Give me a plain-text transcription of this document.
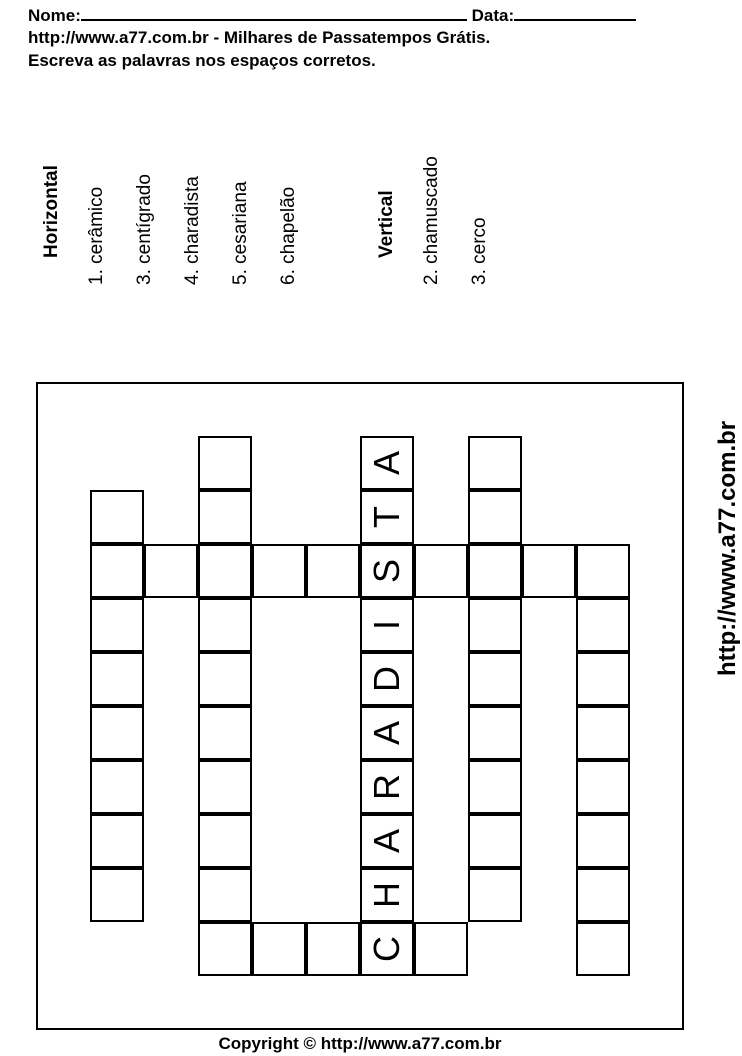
Nome:	Data:
http://www.a77.com.br - Milhares de Passatempos Grátis.
Escreva as palavras nos espaços corretos.
Horizontal 1. cerâmico 3. centígrado 4. charadista 5. cesariana 6. chapelão	Vertical 2. chamuscado 3. cerco
A
T
S
I
D
A
R
A
H
C
http://www.a77.com.br
Copyright © http://www.a77.com.br
